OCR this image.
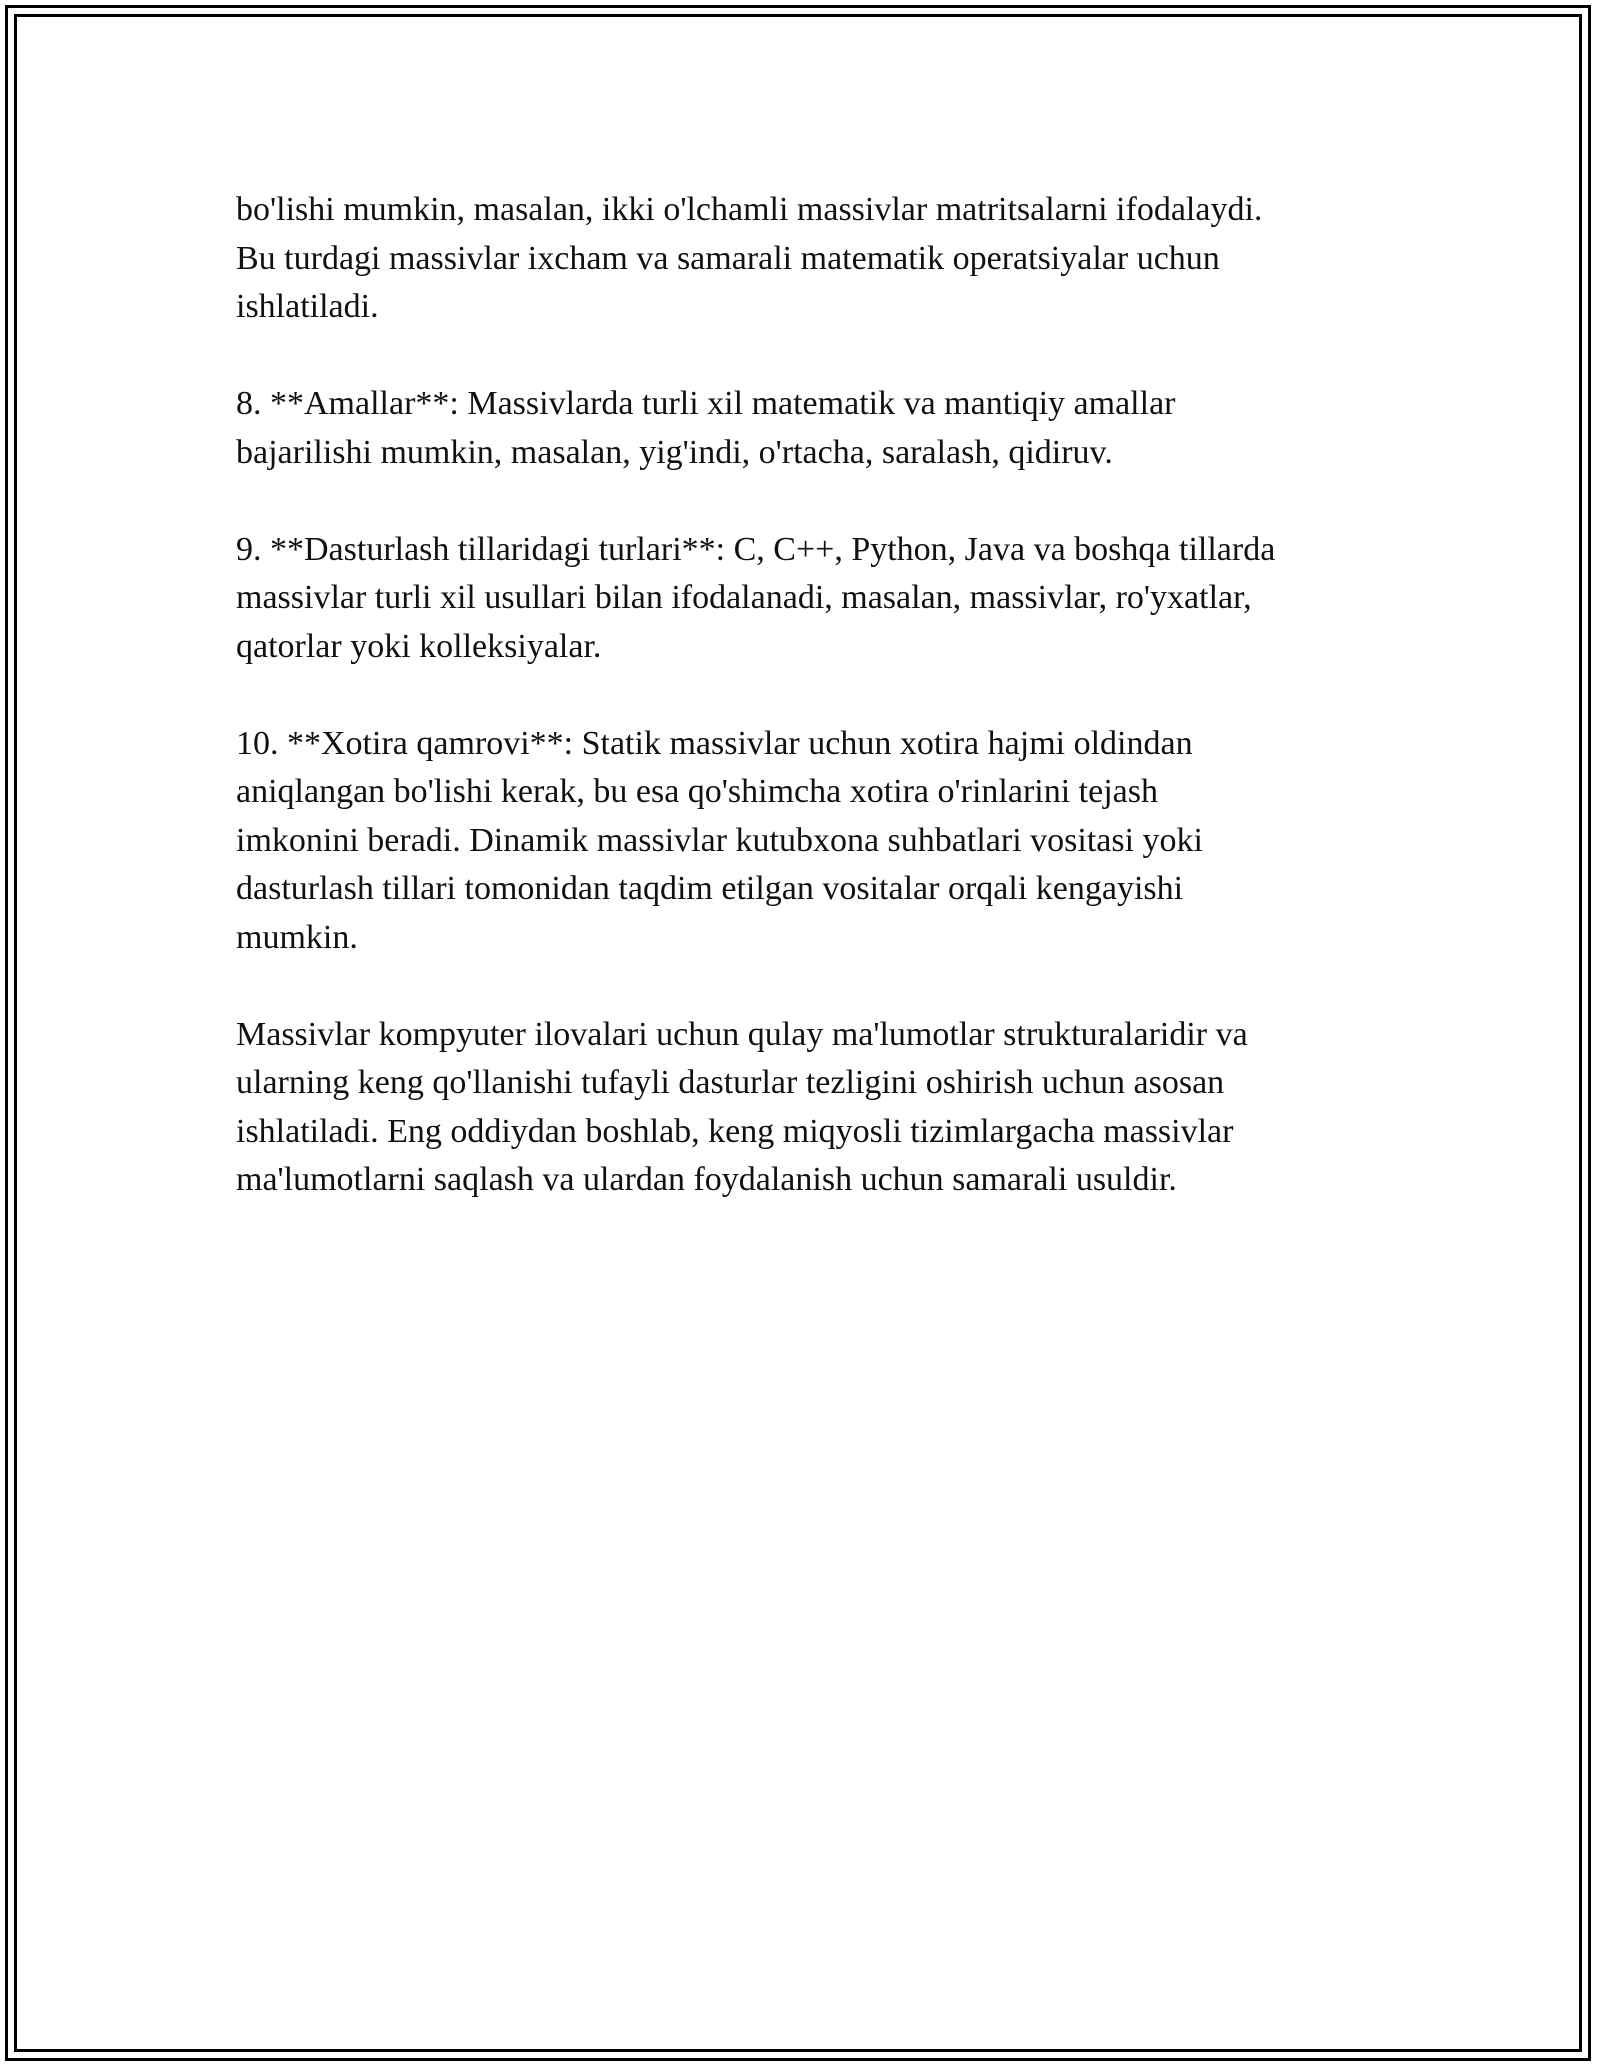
bo'lishi mumkin, masalan, ikki o'lchamli massivlar matritsalarni ifodalaydi.
Bu turdagi massivlar ixcham va samarali matematik operatsiyalar uchun
ishlatiladi.

8. **Amallar**: Massivlarda turli xil matematik va mantiqiy amallar
bajarilishi mumkin, masalan, yig'indi, o'rtacha, saralash, qidiruv.

9. **Dasturlash tillaridagi turlari**: C, C++, Python, Java va boshqa tillarda
massivlar turli xil usullari bilan ifodalanadi, masalan, massivlar, ro'yxatlar,
qatorlar yoki kolleksiyalar.

10. **Xotira qamrovi**: Statik massivlar uchun xotira hajmi oldindan
aniqlangan bo'lishi kerak, bu esa qo'shimcha xotira o'rinlarini tejash
imkonini beradi. Dinamik massivlar kutubxona suhbatlari vositasi yoki
dasturlash tillari tomonidan taqdim etilgan vositalar orqali kengayishi
mumkin.

Massivlar kompyuter ilovalari uchun qulay ma'lumotlar strukturalaridir va
ularning keng qo'llanishi tufayli dasturlar tezligini oshirish uchun asosan
ishlatiladi. Eng oddiydan boshlab, keng miqyosli tizimlargacha massivlar
ma'lumotlarni saqlash va ulardan foydalanish uchun samarali usuldir.
